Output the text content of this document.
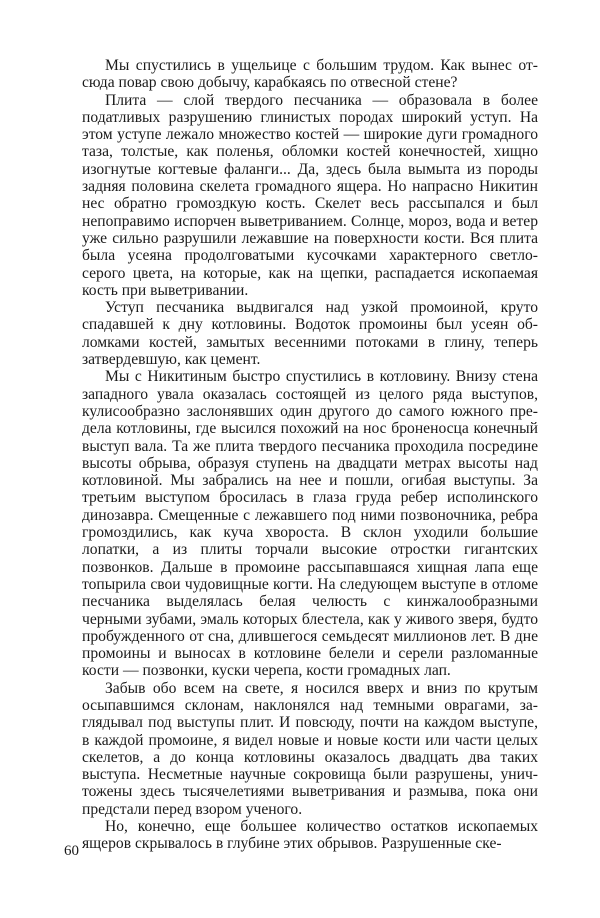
Мы спустились в ущельице с большим трудом. Как вынес отсюда повар свою добычу, карабкаясь по отвесной стене?

Плита — слой твердого песчаника — образовала в более податливых разрушению глинистых породах широкий уступ. На этом уступе лежало множество костей — широкие дуги громадного таза, толстые, как поленья, обломки костей конечностей, хищно изогнутые когтевые фаланги... Да, здесь была вымыта из породы задняя половина скелета громадного ящера. Но напрасно Никитин нес обратно громоздкую кость. Скелет весь рассыпался и был непоправимо испорчен выветриванием. Солнце, мороз, вода и ветер уже сильно разрушили лежавшие на поверхности кости. Вся плита была усеяна продолговатыми кусочками характерного светло-серого цвета, на которые, как на щепки, распадается ископаемая кость при выветривании.

Уступ песчаника выдвигался над узкой промоиной, круто спадавшей к дну котловины. Водоток промоины был усеян обломками костей, замытых весенними потоками в глину, теперь затвердевшую, как цемент.

Мы с Никитиным быстро спустились в котловину. Внизу стена западного увала оказалась состоящей из целого ряда выступов, кулисообразно заслонявших один другого до самого южного предела котловины, где высился похожий на нос броненосца конечный выступ вала. Та же плита твердого песчаника проходила посредине высоты обрыва, образуя ступень на двадцати метрах высоты над котловиной. Мы забрались на нее и пошли, огибая выступы. За третьим выступом бросилась в глаза груда ребер исполинского динозавра. Смещенные с лежавшего под ними позвоночника, ребра громоздились, как куча хвороста. В склон уходили большие лопатки, а из плиты торчали высокие отростки гигантских позвонков. Дальше в промоине рассыпавшаяся хищная лапа еще топырила свои чудовищные когти. На следующем выступе в отломе песчаника выделялась белая челюсть с кинжалообразными черными зубами, эмаль которых блестела, как у живого зверя, будто пробужденного от сна, длившегося семьдесят миллионов лет. В дне промоины и выносах в котловине белели и серели разломанные кости — позвонки, куски черепа, кости громадных лап.

Забыв обо всем на свете, я носился вверх и вниз по крутым осыпавшимся склонам, наклонялся над темными оврагами, заглядывал под выступы плит. И повсюду, почти на каждом выступе, в каждой промоине, я видел новые и новые кости или части целых скелетов, а до конца котловины оказалось двадцать два таких выступа. Несметные научные сокровища были разрушены, уничтожены здесь тысячелетиями выветривания и размыва, пока они предстали перед взором ученого.

Но, конечно, еще большее количество остатков ископаемых ящеров скрывалось в глубине этих обрывов. Разрушенные ске-

60
